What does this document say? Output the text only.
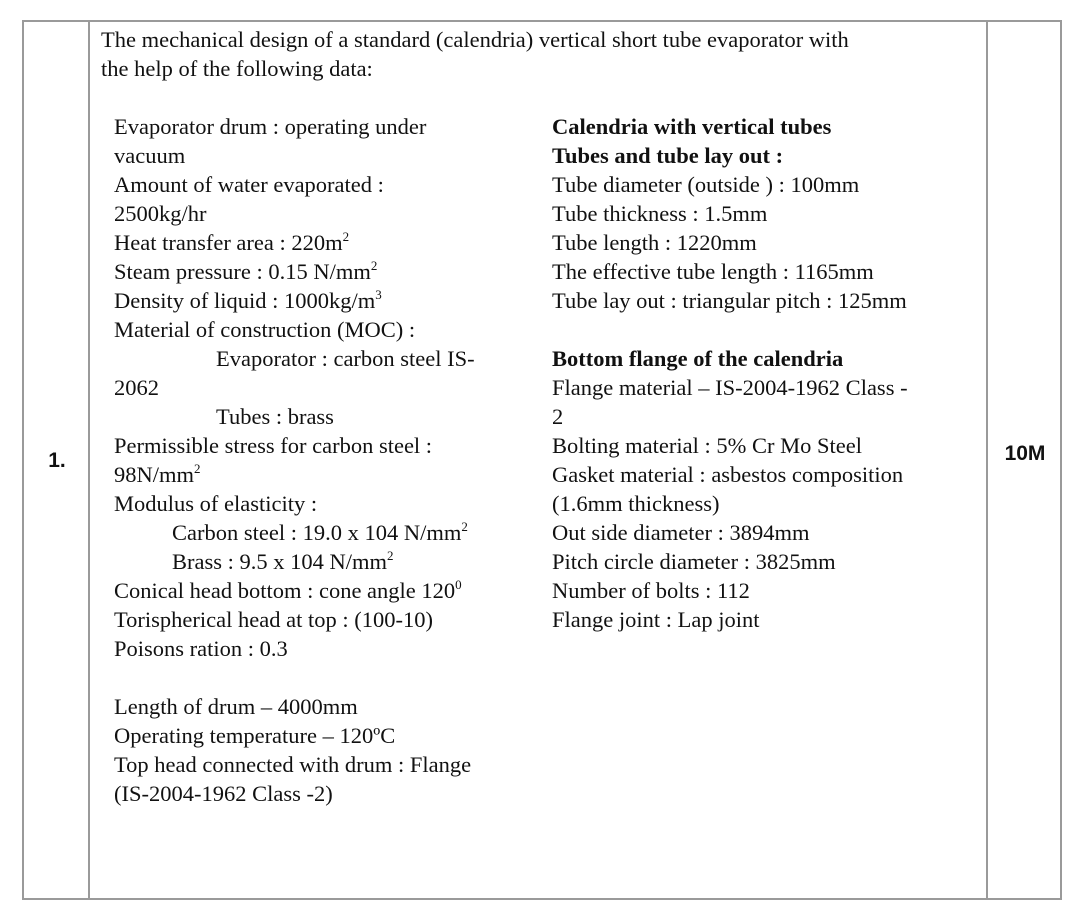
1.	10M
The mechanical design of a standard (calendria) vertical short tube evaporator with
the help of the following data:
Evaporator drum : operating under
vacuum
Amount of water evaporated :
2500kg/hr
Heat transfer area : $220m^2$
Steam pressure : 0.15 $N/mm^2$
Density of liquid : $1000kg/m^3$
Material of construction (MOC) :
Evaporator : carbon steel IS-
2062
Tubes : brass
Permissible stress for carbon steel :
$98N/mm^2$
Modulus of elasticity :
Carbon steel : 19.0 x 104 $N/mm^2$
Brass : 9.5 x 104 $N/mm^2$
Conical head bottom : cone angle $120^0$
Torispherical head at top : (100-10)
Poisons ration : 0.3
Length of drum – 4000mm
Operating temperature – 120ºC
Top head connected with drum : Flange
(IS-2004-1962 Class -2)
Calendria with vertical tubes
Tubes and tube lay out :
Tube diameter (outside ) : 100mm
Tube thickness : 1.5mm
Tube length : 1220mm
The effective tube length : 1165mm
Tube lay out : triangular pitch : 125mm
Bottom flange of the calendria
Flange material – IS-2004-1962 Class -
2
Bolting material : 5% Cr Mo Steel
Gasket material : asbestos composition
(1.6mm thickness)
Out side diameter : 3894mm
Pitch circle diameter : 3825mm
Number of bolts : 112
Flange joint : Lap joint
